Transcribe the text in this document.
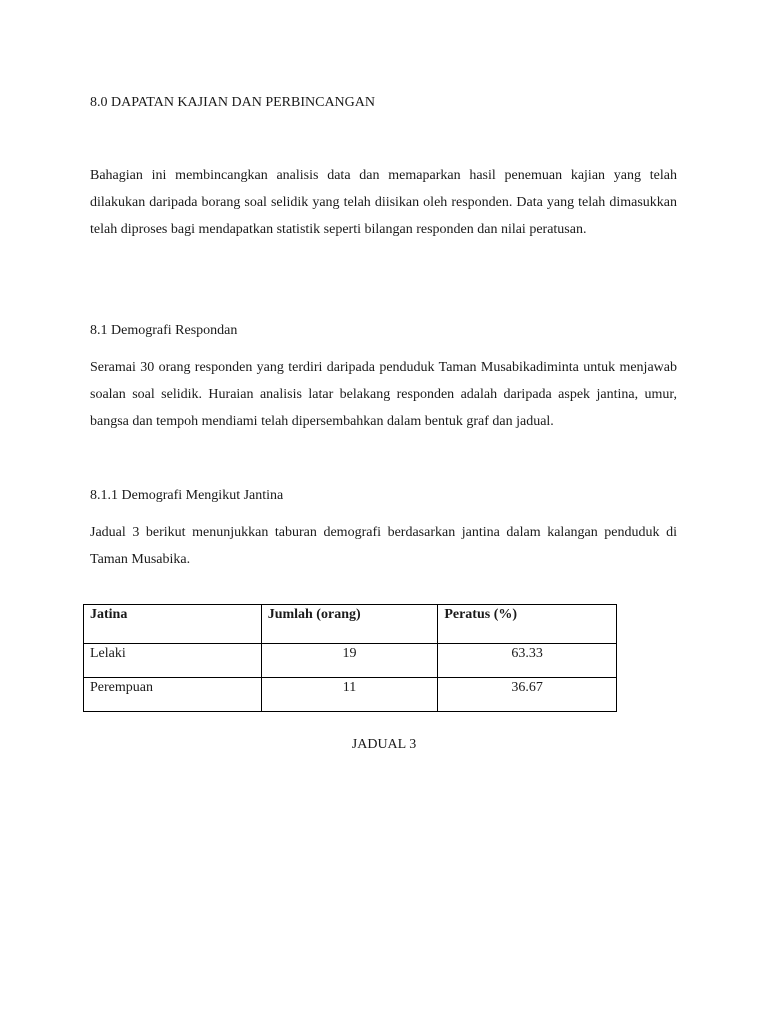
8.0 DAPATAN KAJIAN DAN PERBINCANGAN

Bahagian ini membincangkan analisis data dan memaparkan hasil penemuan kajian yang telah dilakukan daripada borang soal selidik yang telah diisikan oleh responden. Data yang telah dimasukkan telah diproses bagi mendapatkan statistik seperti bilangan responden dan nilai peratusan.

8.1 Demografi Respondan

Seramai 30 orang responden yang terdiri daripada penduduk Taman Musabikadiminta untuk menjawab soalan soal selidik. Huraian analisis latar belakang responden adalah daripada aspek jantina, umur, bangsa dan tempoh mendiami telah dipersembahkan dalam bentuk graf dan jadual.

8.1.1 Demografi Mengikut Jantina

Jadual 3 berikut menunjukkan taburan demografi berdasarkan jantina dalam kalangan penduduk di Taman Musabika.

Jatina	Jumlah (orang)	Peratus (%)
Lelaki	19	63.33
Perempuan	11	36.67

JADUAL 3
